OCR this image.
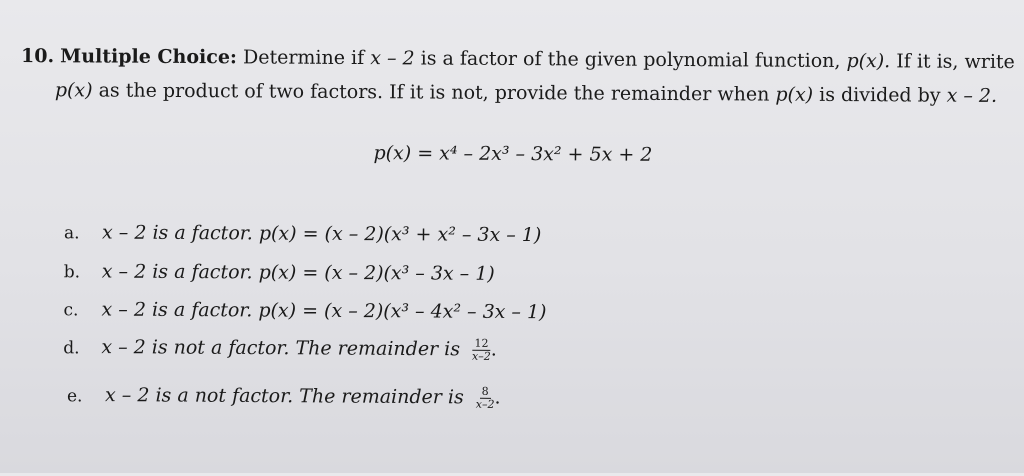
10. Multiple Choice: Determine if x – 2 is a factor of the given polynomial function, p(x). If it is, write
p(x) as the product of two factors. If it is not, provide the remainder when p(x) is divided by x – 2.
p(x) = x⁴ – 2x³ – 3x² + 5x + 2
a. x – 2 is a factor. p(x) = (x – 2)(x³ + x² – 3x – 1)
b. x – 2 is a factor. p(x) = (x – 2)(x³ – 3x – 1)
c. x – 2 is a factor. p(x) = (x – 2)(x³ – 4x² – 3x – 1)
d. x – 2 is not a factor. The remainder is $\frac{12}{x-2}$ .
e. x – 2 is a not factor. The remainder is $\frac{8}{x-2}$ .
